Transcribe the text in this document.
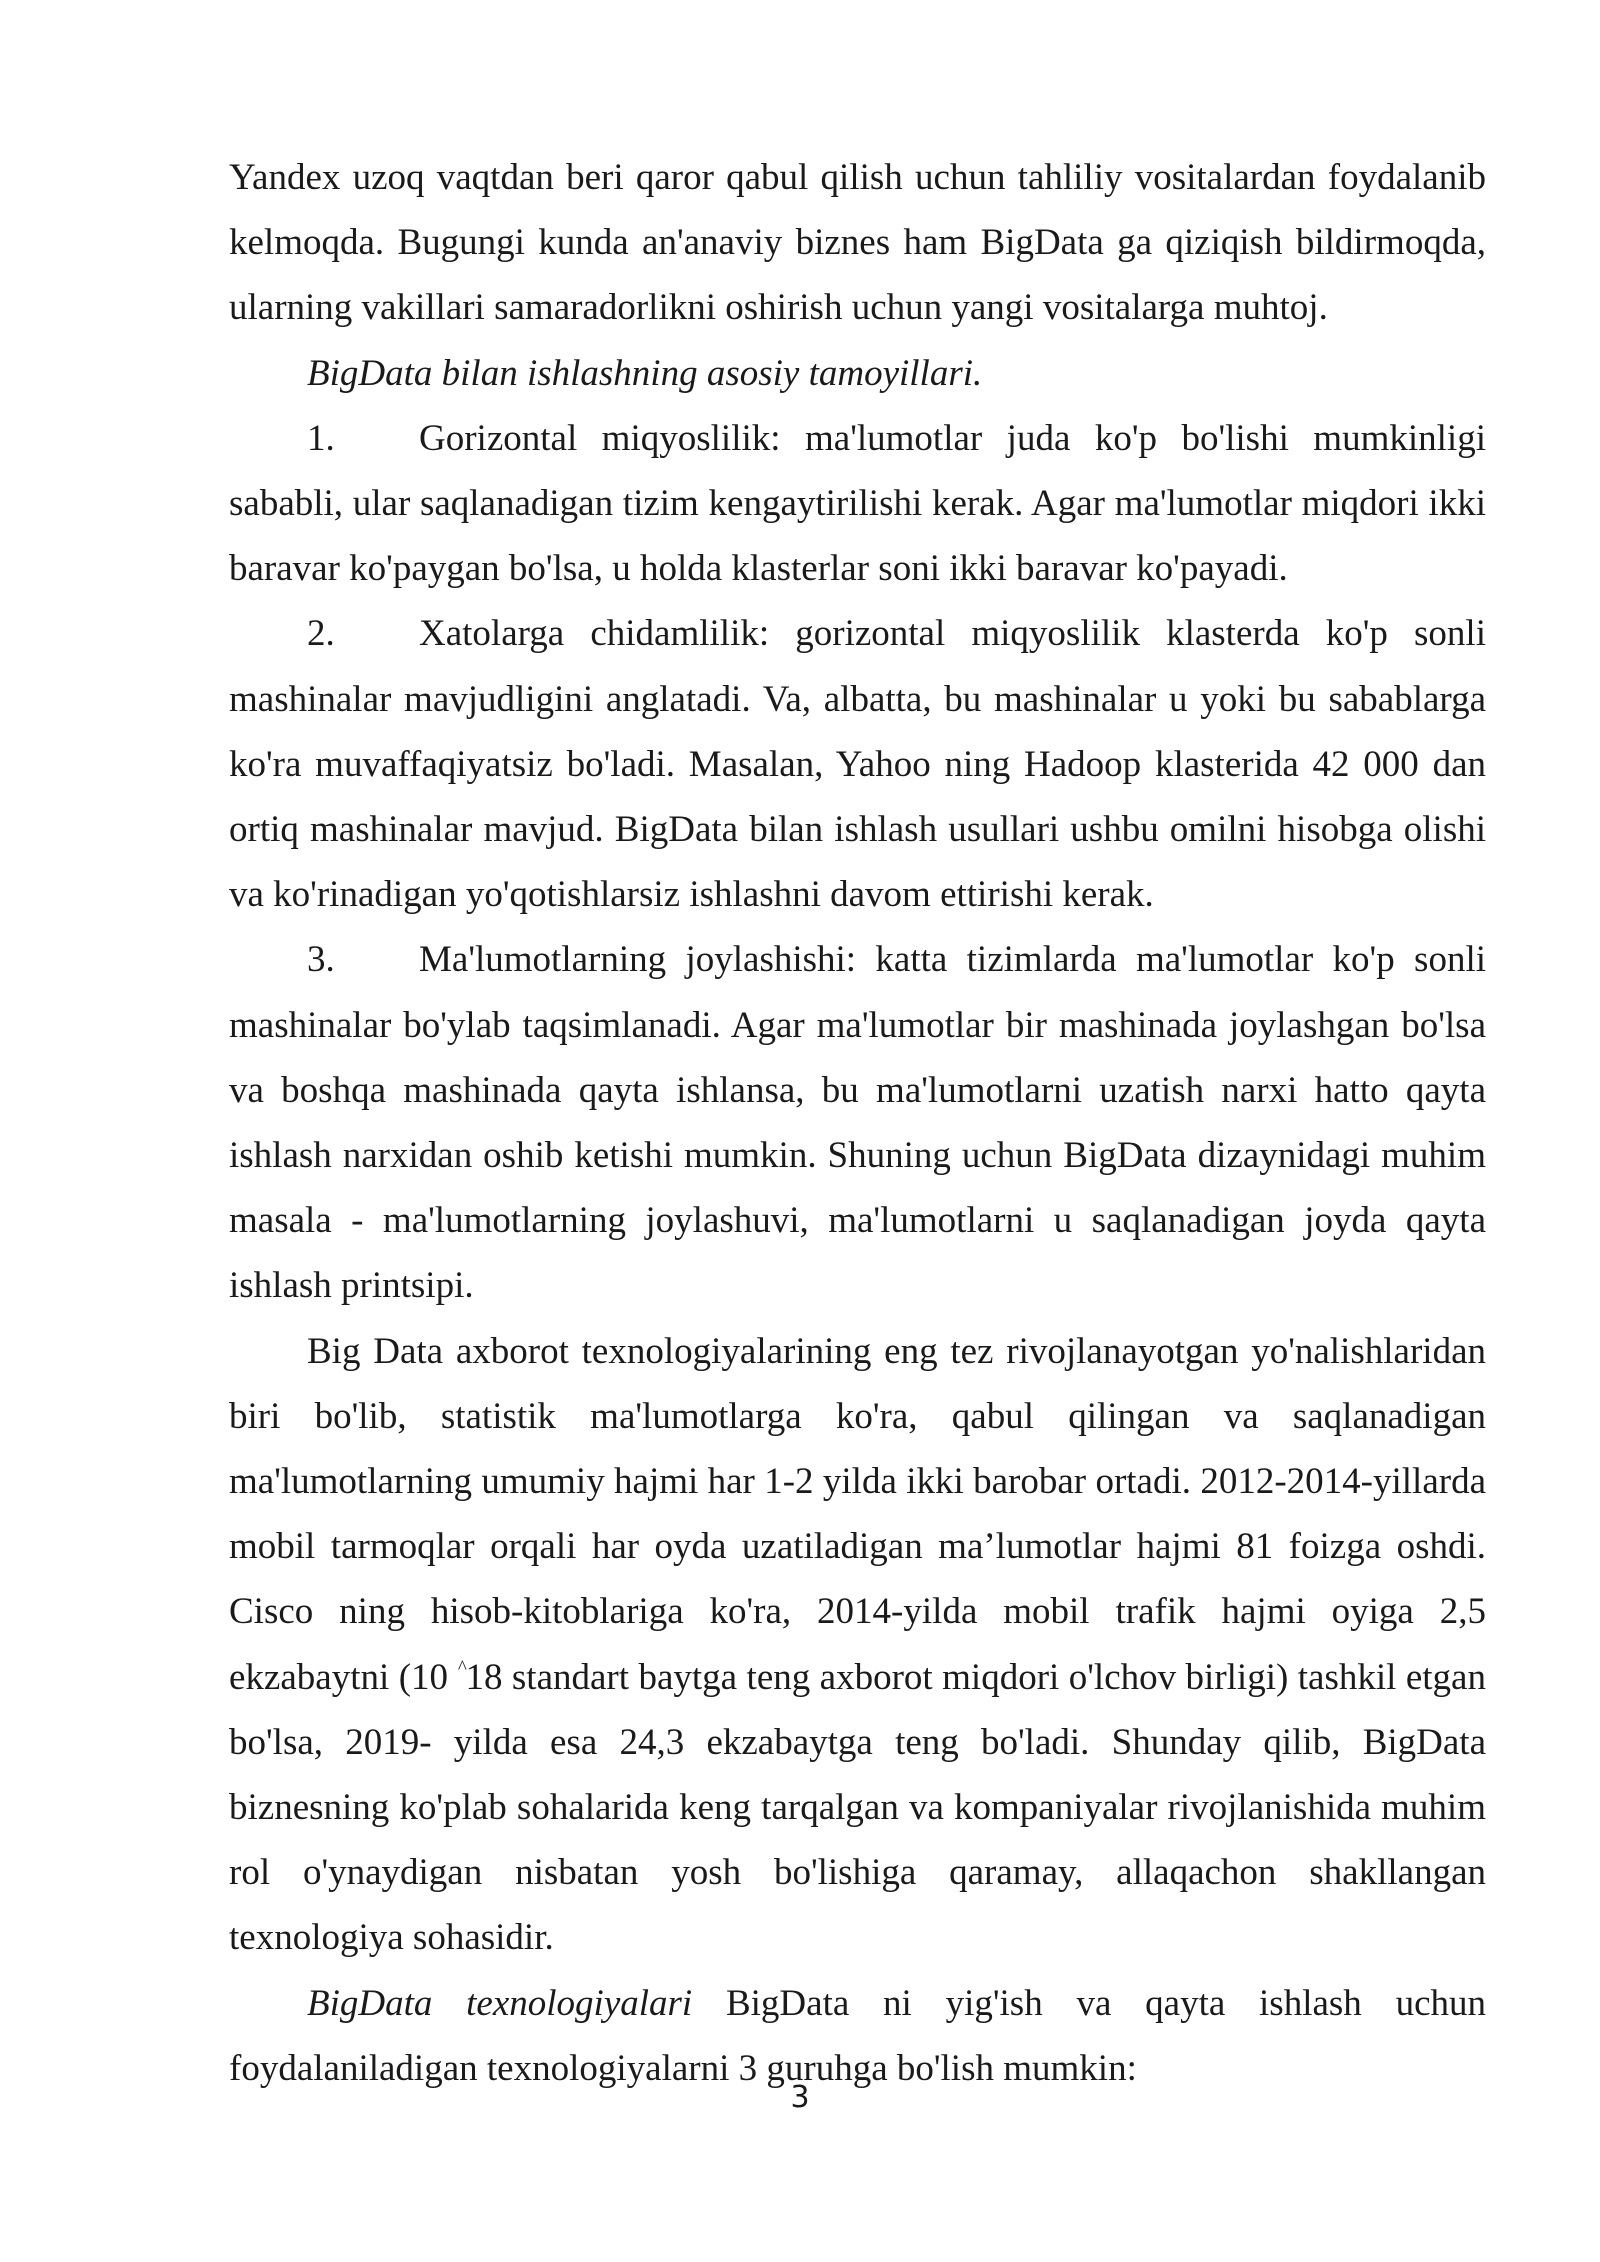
Yandex uzoq vaqtdan beri qaror qabul qilish uchun tahliliy vositalardan foydalanib kelmoqda. Bugungi kunda an'anaviy biznes ham BigData ga qiziqish bildirmoqda, ularning vakillari samaradorlikni oshirish uchun yangi vositalarga muhtoj.

BigData bilan ishlashning asosiy tamoyillari.

1. Gorizontal miqyoslilik: ma'lumotlar juda ko'p bo'lishi mumkinligi sababli, ular saqlanadigan tizim kengaytirilishi kerak. Agar ma'lumotlar miqdori ikki baravar ko'paygan bo'lsa, u holda klasterlar soni ikki baravar ko'payadi.

2. Xatolarga chidamlilik: gorizontal miqyoslilik klasterda ko'p sonli mashinalar mavjudligini anglatadi. Va, albatta, bu mashinalar u yoki bu sabablarga ko'ra muvaffaqiyatsiz bo'ladi. Masalan, Yahoo ning Hadoop klasterida 42 000 dan ortiq mashinalar mavjud. BigData bilan ishlash usullari ushbu omilni hisobga olishi va ko'rinadigan yo'qotishlarsiz ishlashni davom ettirishi kerak.

3. Ma'lumotlarning joylashishi: katta tizimlarda ma'lumotlar ko'p sonli mashinalar bo'ylab taqsimlanadi. Agar ma'lumotlar bir mashinada joylashgan bo'lsa va boshqa mashinada qayta ishlansa, bu ma'lumotlarni uzatish narxi hatto qayta ishlash narxidan oshib ketishi mumkin. Shuning uchun BigData dizaynidagi muhim masala - ma'lumotlarning joylashuvi, ma'lumotlarni u saqlanadigan joyda qayta ishlash printsipi.

Big Data axborot texnologiyalarining eng tez rivojlanayotgan yo'nalishlaridan biri bo'lib, statistik ma'lumotlarga ko'ra, qabul qilingan va saqlanadigan ma'lumotlarning umumiy hajmi har 1-2 yilda ikki barobar ortadi. 2012-2014-yillarda mobil tarmoqlar orqali har oyda uzatiladigan ma’lumotlar hajmi 81 foizga oshdi. Cisco ning hisob-kitoblariga ko'ra, 2014-yilda mobil trafik hajmi oyiga 2,5 ekzabaytni (10 ^18 standart baytga teng axborot miqdori o'lchov birligi) tashkil etgan bo'lsa, 2019- yilda esa 24,3 ekzabaytga teng bo'ladi. Shunday qilib, BigData biznesning ko'plab sohalarida keng tarqalgan va kompaniyalar rivojlanishida muhim rol o'ynaydigan nisbatan yosh bo'lishiga qaramay, allaqachon shakllangan texnologiya sohasidir.

BigData texnologiyalari BigData ni yig'ish va qayta ishlash uchun foydalaniladigan texnologiyalarni 3 guruhga bo'lish mumkin:

3
